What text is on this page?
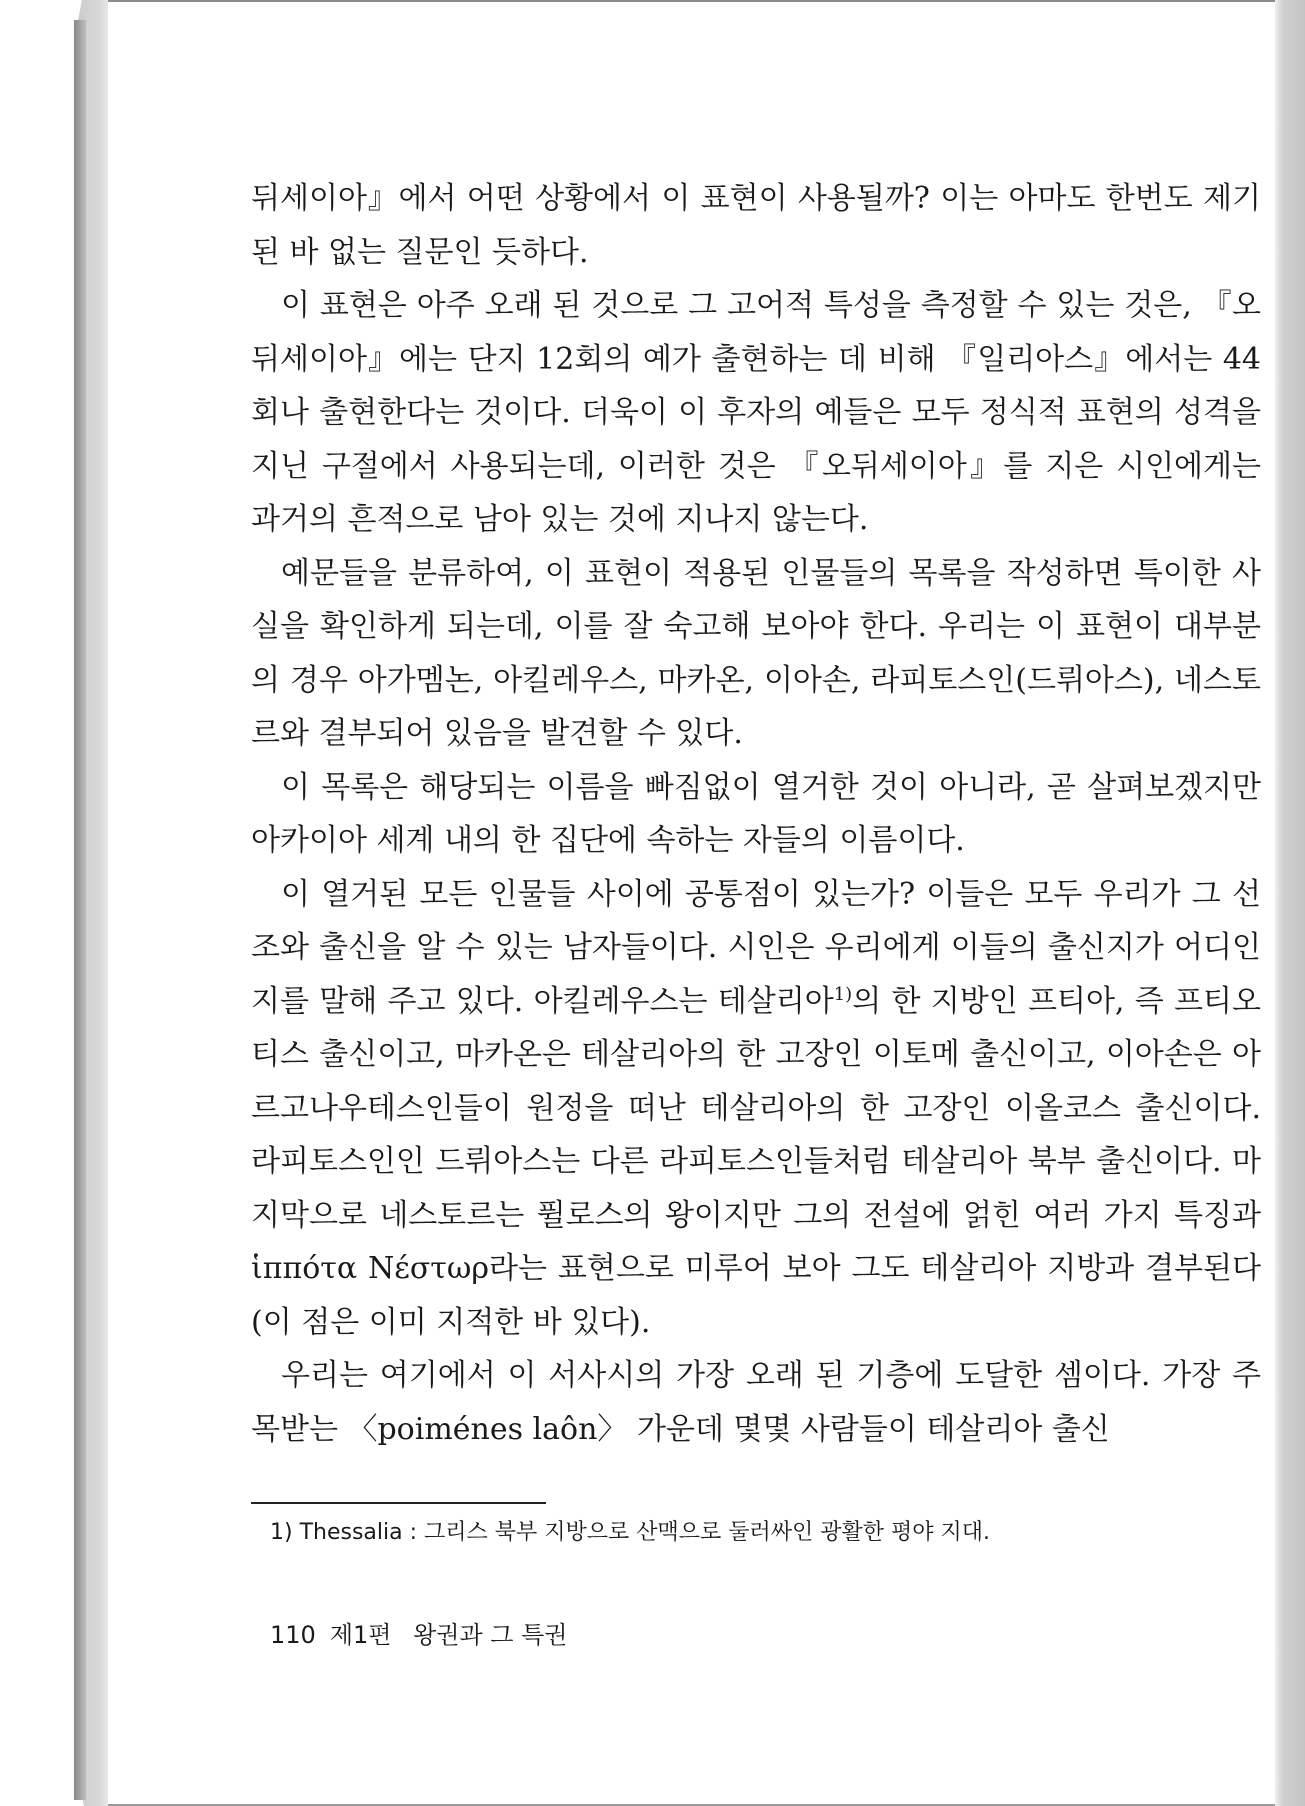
뒤세이아』에서 어떤 상황에서 이 표현이 사용될까? 이는 아마도 한번도 제기된 바 없는 질문인 듯하다.

이 표현은 아주 오래 된 것으로 그 고어적 특성을 측정할 수 있는 것은, 『오뒤세이아』에는 단지 12회의 예가 출현하는 데 비해 『일리아스』에서는 44회나 출현한다는 것이다. 더욱이 이 후자의 예들은 모두 정식적 표현의 성격을 지닌 구절에서 사용되는데, 이러한 것은 『오뒤세이아』를 지은 시인에게는 과거의 흔적으로 남아 있는 것에 지나지 않는다.

예문들을 분류하여, 이 표현이 적용된 인물들의 목록을 작성하면 특이한 사실을 확인하게 되는데, 이를 잘 숙고해 보아야 한다. 우리는 이 표현이 대부분의 경우 아가멤논, 아킬레우스, 마카온, 이아손, 라피토스인(드뤼아스), 네스토르와 결부되어 있음을 발견할 수 있다.

이 목록은 해당되는 이름을 빠짐없이 열거한 것이 아니라, 곧 살펴보겠지만 아카이아 세계 내의 한 집단에 속하는 자들의 이름이다.

이 열거된 모든 인물들 사이에 공통점이 있는가? 이들은 모두 우리가 그 선조와 출신을 알 수 있는 남자들이다. 시인은 우리에게 이들의 출신지가 어디인지를 말해 주고 있다. 아킬레우스는 테살리아$^{1)}$의 한 지방인 프티아, 즉 프티오티스 출신이고, 마카온은 테살리아의 한 고장인 이토메 출신이고, 이아손은 아르고나우테스인들이 원정을 떠난 테살리아의 한 고장인 이올코스 출신이다. 라피토스인인 드뤼아스는 다른 라피토스인들처럼 테살리아 북부 출신이다. 마지막으로 네스토르는 퓔로스의 왕이지만 그의 전설에 얽힌 여러 가지 특징과 ἱππότα Νέστωρ라는 표현으로 미루어 보아 그도 테살리아 지방과 결부된다(이 점은 이미 지적한 바 있다).

우리는 여기에서 이 서사시의 가장 오래 된 기층에 도달한 셈이다. 가장 주목받는 〈poiménes laôn〉 가운데 몇몇 사람들이 테살리아 출신

1) Thessalia : 그리스 북부 지방으로 산맥으로 둘러싸인 광활한 평야 지대.
110 제1편 왕권과 그 특권
